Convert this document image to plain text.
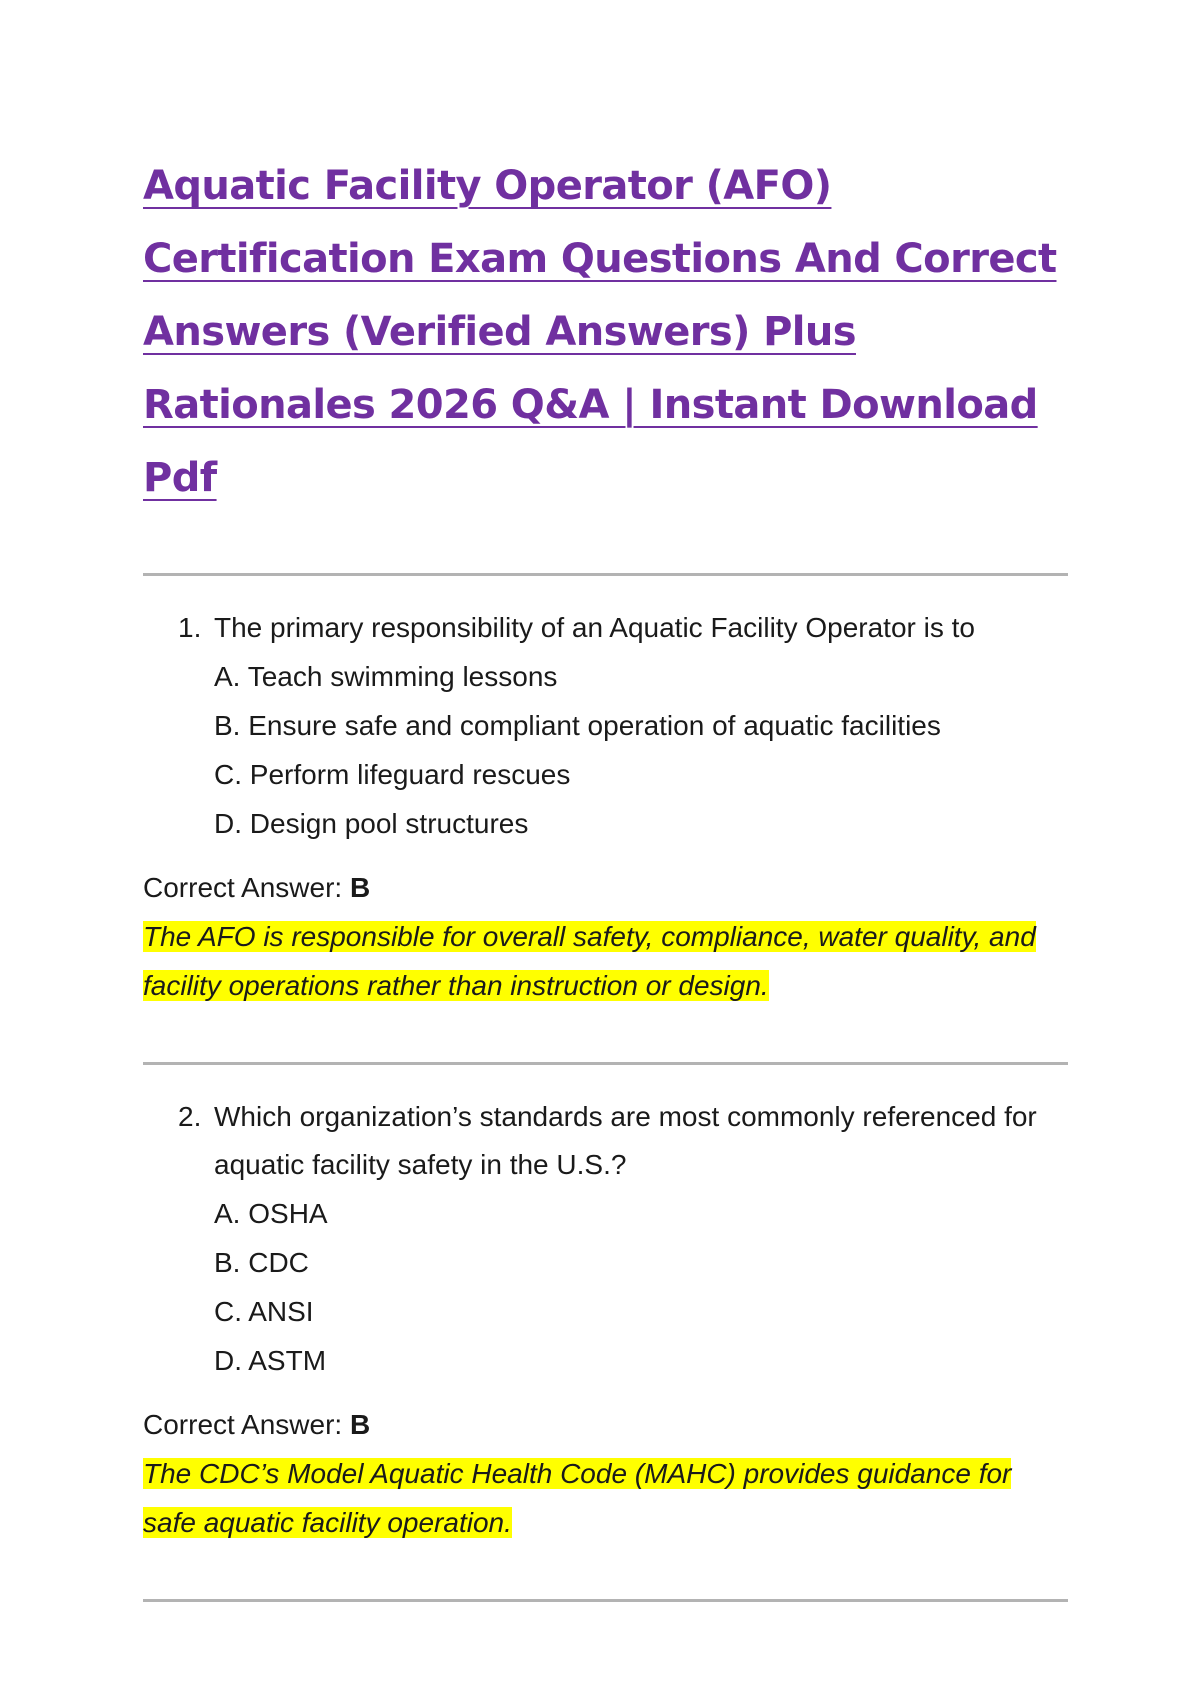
Aquatic Facility Operator (AFO) Certification Exam Questions And Correct Answers (Verified Answers) Plus Rationales 2026 Q&A | Instant Download Pdf
1. The primary responsibility of an Aquatic Facility Operator is to
A. Teach swimming lessons
B. Ensure safe and compliant operation of aquatic facilities
C. Perform lifeguard rescues
D. Design pool structures
Correct Answer: B

The AFO is responsible for overall safety, compliance, water quality, and facility operations rather than instruction or design.

2. Which organization’s standards are most commonly referenced for aquatic facility safety in the U.S.?
A. OSHA
B. CDC
C. ANSI
D. ASTM
Correct Answer: B

The CDC’s Model Aquatic Health Code (MAHC) provides guidance for safe aquatic facility operation.
